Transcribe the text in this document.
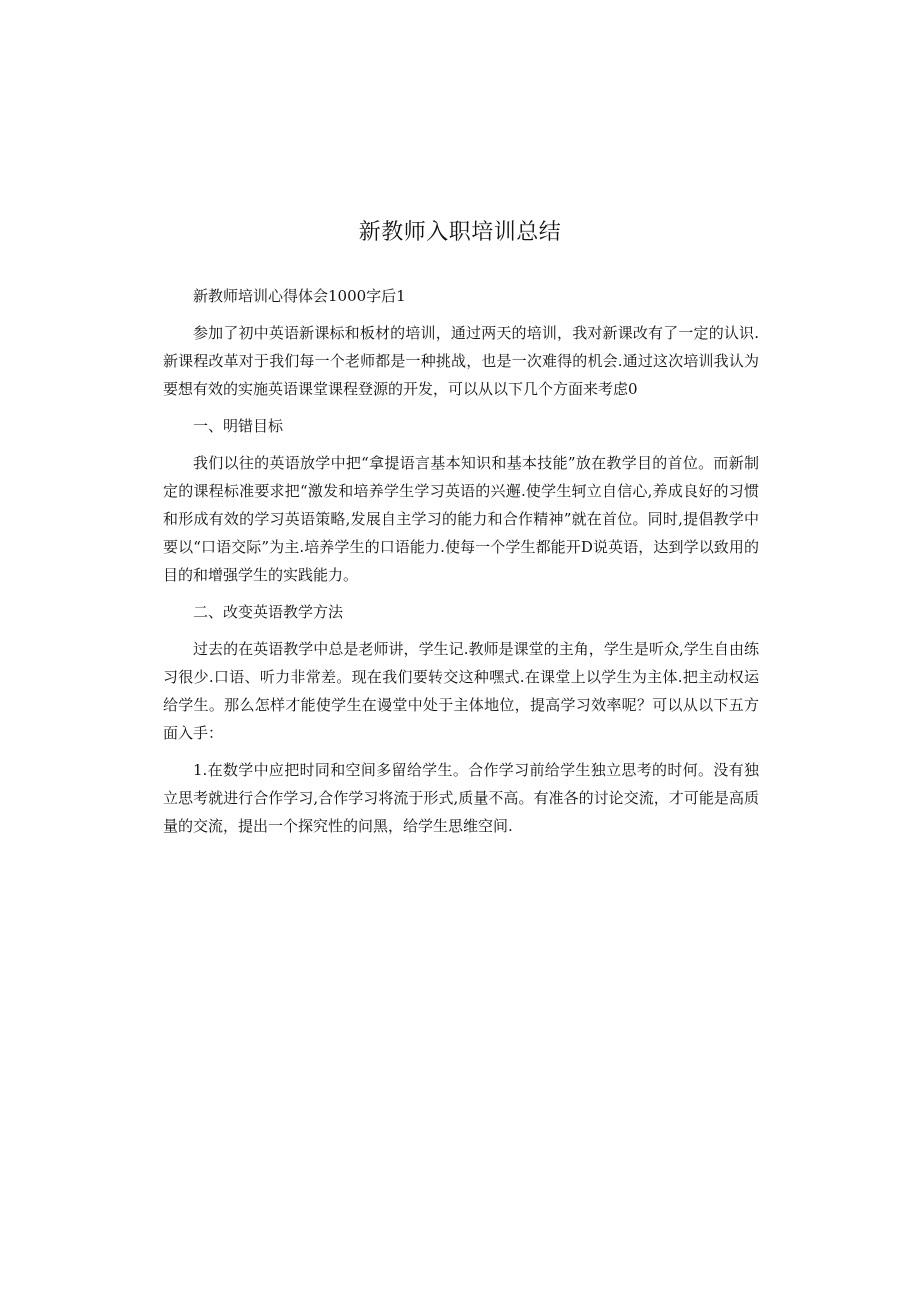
新教师入职培训总结

新教师培训心得体会1000字后1

参加了初中英语新课标和板材的培训，通过两天的培训，我对新课改有了一定的认识.新课程改革对于我们每一个老师都是一种挑战，也是一次难得的机会.通过这次培训我认为要想有效的实施英语课堂课程登源的开发，可以从以下几个方面来考虑0

一、明错目标

我们以往的英语放学中把“拿提语言基本知识和基本技能”放在教学目的首位。而新制定的课程标准要求把“激发和培养学生学习英语的兴邂.使学生轲立自信心,养成良好的习惯和形成有效的学习英语策略,发展自主学习的能力和合作精神”就在首位。同时,提倡教学中要以“口语交际”为主.培养学生的口语能力.使每一个学生都能开D说英语，达到学以致用的目的和增强学生的实践能力。

二、改变英语教学方法

过去的在英语教学中总是老师讲，学生记.教师是课堂的主角，学生是听众,学生自由练习很少.口语、听力非常差。现在我们要转交这种嘿式.在课堂上以学生为主体.把主动权运给学生。那么怎样才能使学生在谩堂中处于主体地位，提高学习效率呢？可以从以下五方面入手：

1.在数学中应把时同和空间多留给学生。合作学习前给学生独立思考的时何。没有独立思考就进行合作学习,合作学习将流于形式,质量不高。有准各的讨论交流，才可能是高质量的交流，提出一个探究性的问黑，给学生思维空间.
